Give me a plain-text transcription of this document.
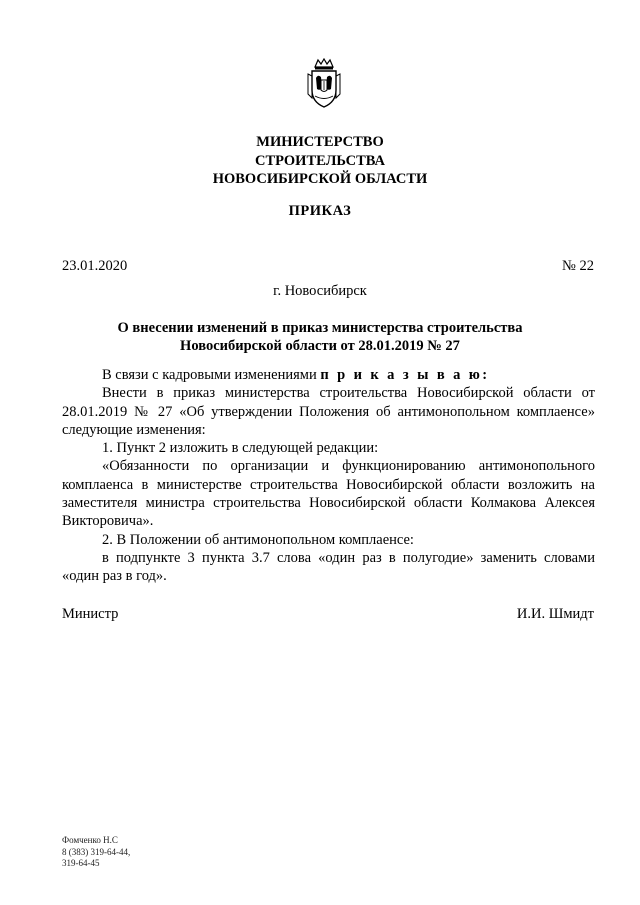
МИНИСТЕРСТВО
СТРОИТЕЛЬСТВА
НОВОСИБИРСКОЙ ОБЛАСТИ
ПРИКАЗ
23.01.2020	№ 22
г. Новосибирск
О внесении изменений в приказ министерства строительства
Новосибирской области от 28.01.2019 № 27

В связи с кадровыми изменениями п р и к а з ы в а ю:

Внести в приказ министерства строительства Новосибирской области от 28.01.2019 № 27 «Об утверждении Положения об антимонопольном комплаенсе» следующие изменения:

1. Пункт 2 изложить в следующей редакции:

«Обязанности по организации и функционированию антимонопольного комплаенса в министерстве строительства Новосибирской области возложить на заместителя министра строительства Новосибирской области Колмакова Алексея Викторовича».

2. В Положении об антимонопольном комплаенсе:

в подпункте 3 пункта 3.7 слова «один раз в полугодие» заменить словами «один раз в год».

Министр	И.И. Шмидт
Фомченко Н.С
8 (383) 319-64-44,
319-64-45
